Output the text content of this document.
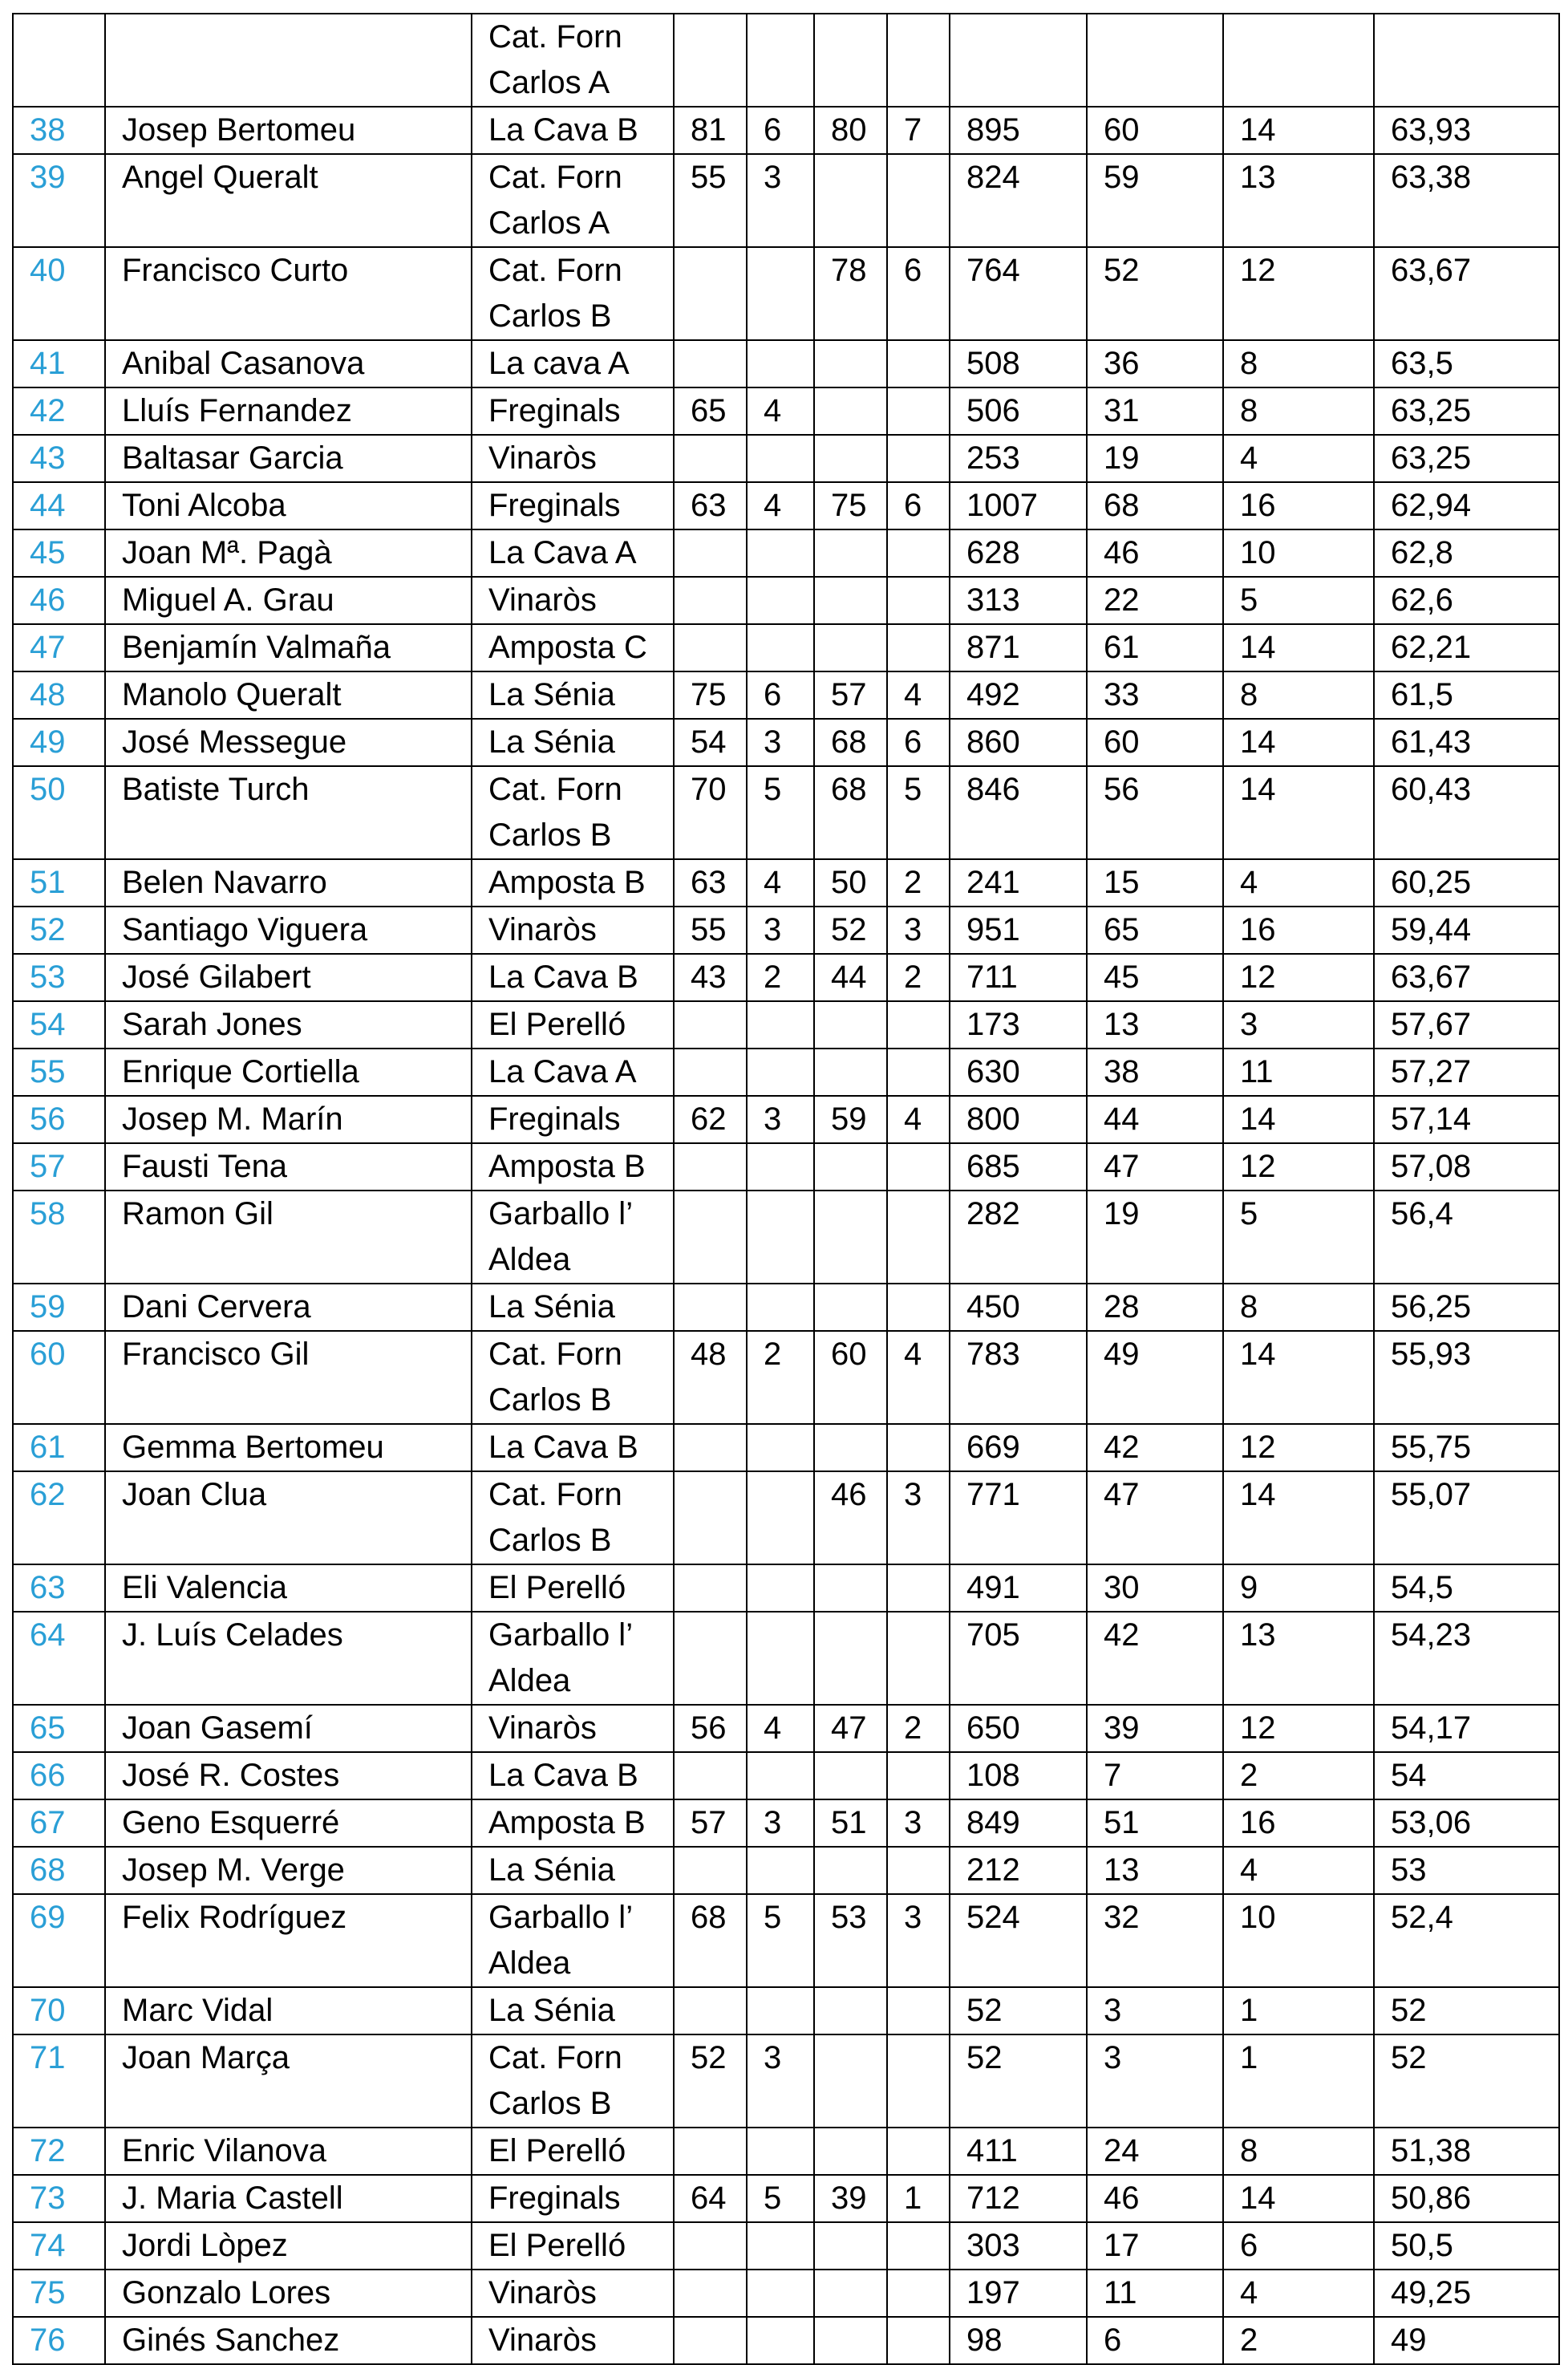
		Cat. Forn
Carlos A								

38	Josep Bertomeu	La Cava B	81	6	80	7	895	60	14	63,93
39	Angel Queralt	Cat. Forn
Carlos A	55	3			824	59	13	63,38
40	Francisco Curto	Cat. Forn
Carlos B			78	6	764	52	12	63,67
41	Anibal Casanova	La cava A					508	36	8	63,5
42	Lluís Fernandez	Freginals	65	4			506	31	8	63,25
43	Baltasar Garcia	Vinaròs					253	19	4	63,25
44	Toni Alcoba	Freginals	63	4	75	6	1007	68	16	62,94
45	Joan Mª. Pagà	La Cava A					628	46	10	62,8
46	Miguel A. Grau	Vinaròs					313	22	5	62,6
47	Benjamín Valmaña	Amposta C					871	61	14	62,21
48	Manolo Queralt	La Sénia	75	6	57	4	492	33	8	61,5
49	José Messegue	La Sénia	54	3	68	6	860	60	14	61,43
50	Batiste Turch	Cat. Forn
Carlos B	70	5	68	5	846	56	14	60,43
51	Belen Navarro	Amposta B	63	4	50	2	241	15	4	60,25
52	Santiago Viguera	Vinaròs	55	3	52	3	951	65	16	59,44
53	José Gilabert	La Cava B	43	2	44	2	711	45	12	63,67
54	Sarah Jones	El Perelló					173	13	3	57,67
55	Enrique Cortiella	La Cava A					630	38	11	57,27
56	Josep M. Marín	Freginals	62	3	59	4	800	44	14	57,14
57	Fausti Tena	Amposta B					685	47	12	57,08
58	Ramon Gil	Garballo l’
Aldea					282	19	5	56,4
59	Dani Cervera	La Sénia					450	28	8	56,25
60	Francisco Gil	Cat. Forn
Carlos B	48	2	60	4	783	49	14	55,93
61	Gemma Bertomeu	La Cava B					669	42	12	55,75
62	Joan Clua	Cat. Forn
Carlos B			46	3	771	47	14	55,07
63	Eli Valencia	El Perelló					491	30	9	54,5
64	J. Luís Celades	Garballo l’
Aldea					705	42	13	54,23
65	Joan Gasemí	Vinaròs	56	4	47	2	650	39	12	54,17
66	José R. Costes	La Cava B					108	7	2	54
67	Geno Esquerré	Amposta B	57	3	51	3	849	51	16	53,06
68	Josep M. Verge	La Sénia					212	13	4	53
69	Felix Rodríguez	Garballo l’
Aldea	68	5	53	3	524	32	10	52,4
70	Marc Vidal	La Sénia					52	3	1	52
71	Joan Marça	Cat. Forn
Carlos B	52	3			52	3	1	52
72	Enric Vilanova	El Perelló					411	24	8	51,38
73	J. Maria Castell	Freginals	64	5	39	1	712	46	14	50,86
74	Jordi Lòpez	El Perelló					303	17	6	50,5
75	Gonzalo Lores	Vinaròs					197	11	4	49,25
76	Ginés Sanchez	Vinaròs					98	6	2	49
